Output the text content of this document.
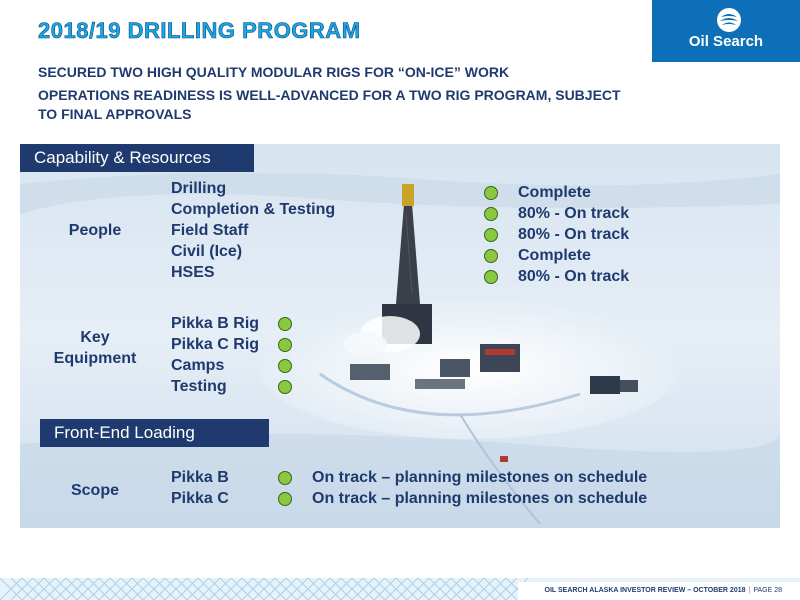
2018/19 DRILLING PROGRAM	Oil Search
SECURED TWO HIGH QUALITY MODULAR RIGS FOR “ON-ICE” WORK
OPERATIONS READINESS IS WELL-ADVANCED FOR A TWO RIG PROGRAM, SUBJECT TO FINAL APPROVALS
Capability & Resources
People
Drilling
Completion & Testing
Field Staff
Civil (Ice)
HSES
Complete
80% - On track
80% - On track
Complete
80% - On track
Key
Equipment
Pikka B Rig
Pikka C Rig
Camps
Testing
Front-End Loading
Scope
Pikka B
Pikka C
On track – planning milestones on schedule
On track – planning milestones on schedule
OIL SEARCH ALASKA INVESTOR REVIEW – OCTOBER 2018 | PAGE 28
